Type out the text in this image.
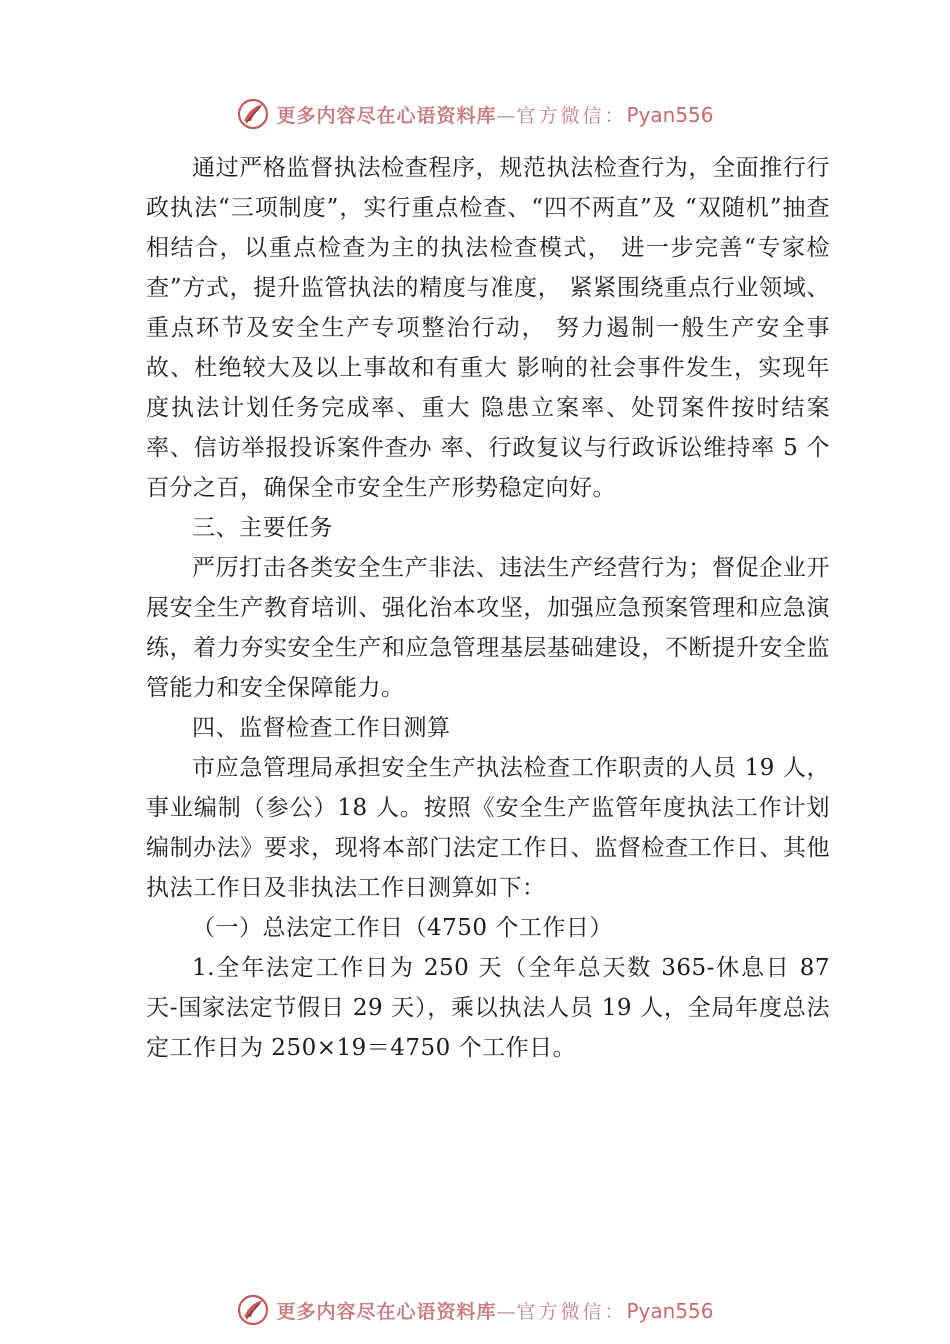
更多内容尽在心语资料库—官方微信：Pyan556

通过严格监督执法检查程序，规范执法检查行为，全面推行行政执法“三项制度”，实行重点检查、“四不两直”及 “双随机”抽查相结合，以重点检查为主的执法检查模式， 进一步完善“专家检查”方式，提升监管执法的精度与准度， 紧紧围绕重点行业领域、重点环节及安全生产专项整治行动， 努力遏制一般生产安全事故、杜绝较大及以上事故和有重大 影响的社会事件发生，实现年度执法计划任务完成率、重大 隐患立案率、处罚案件按时结案率、信访举报投诉案件查办 率、行政复议与行政诉讼维持率 5 个百分之百，确保全市安全生产形势稳定向好。

三、主要任务

严厉打击各类安全生产非法、违法生产经营行为；督促企业开展安全生产教育培训、强化治本攻坚，加强应急预案管理和应急演练，着力夯实安全生产和应急管理基层基础建设，不断提升安全监管能力和安全保障能力。

四、监督检查工作日测算

市应急管理局承担安全生产执法检查工作职责的人员 19 人，事业编制（参公）18 人。按照《安全生产监管年度执法工作计划编制办法》要求，现将本部门法定工作日、监督检查工作日、其他执法工作日及非执法工作日测算如下：

（一）总法定工作日（4750 个工作日）

1.全年法定工作日为 250 天（全年总天数 365-休息日 87 天-国家法定节假日 29 天），乘以执法人员 19 人，全局年度总法定工作日为 250×19＝4750 个工作日。

更多内容尽在心语资料库—官方微信：Pyan556
